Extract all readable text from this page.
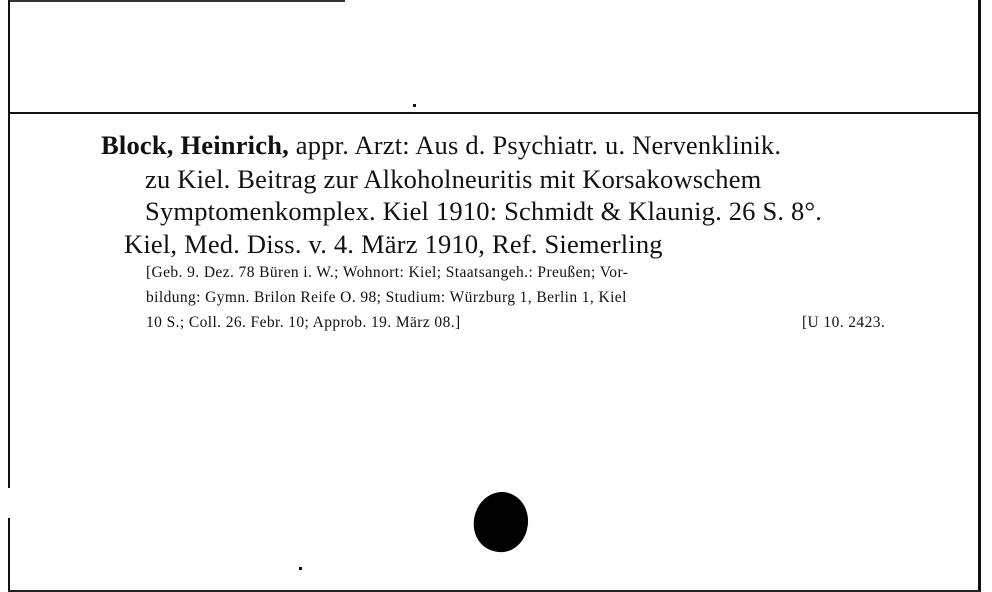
Block, Heinrich, appr. Arzt: Aus d. Psychiatr. u. Nervenklinik.
zu Kiel. Beitrag zur Alkoholneuritis mit Korsakowschem
Symptomenkomplex. Kiel 1910: Schmidt & Klaunig. 26 S. 8°.
Kiel, Med. Diss. v. 4. März 1910, Ref. Siemerling
[Geb. 9. Dez. 78 Büren i. W.; Wohnort: Kiel; Staatsangeh.: Preußen; Vor-
bildung: Gymn. Brilon Reife O. 98; Studium: Würzburg 1, Berlin 1, Kiel
10 S.; Coll. 26. Febr. 10; Approb. 19. März 08.]	[U 10. 2423.
